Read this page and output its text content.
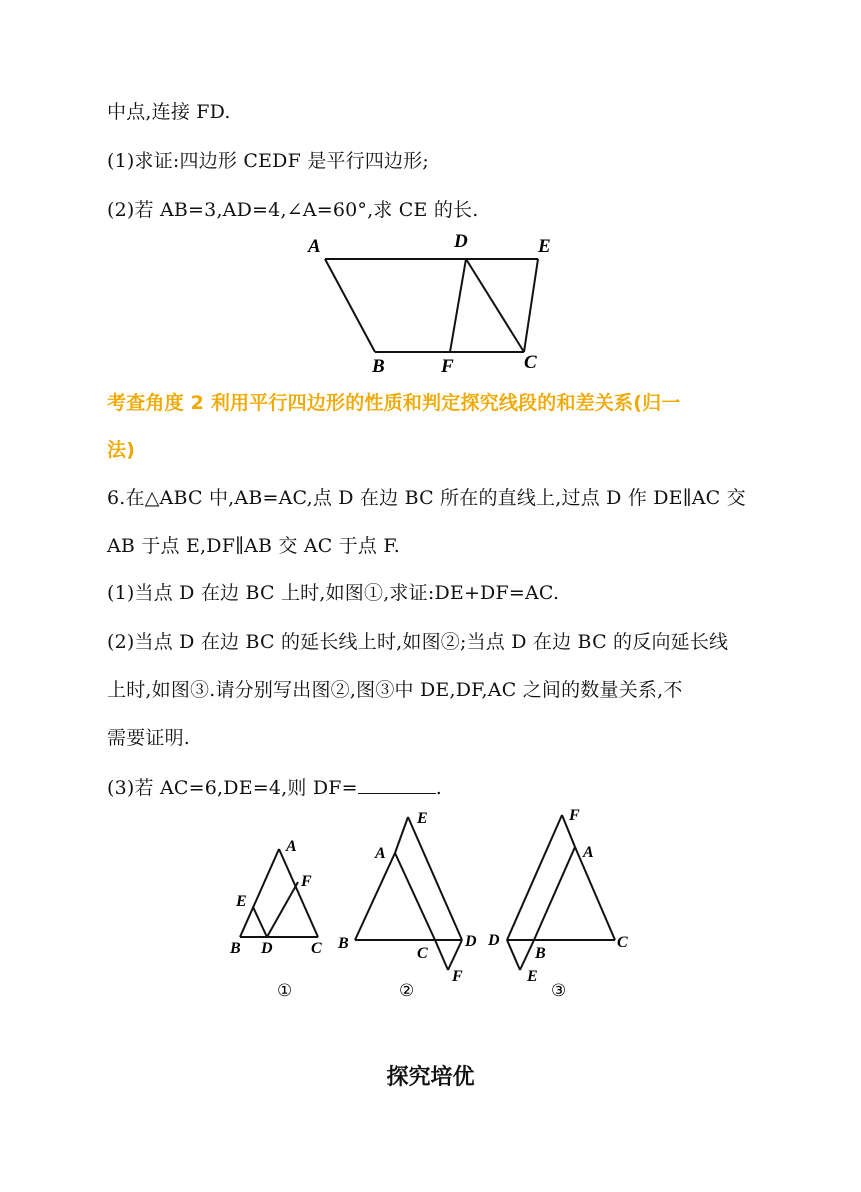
中点,连接 FD.
(1)求证:四边形 CEDF 是平行四边形;
(2)若 AB=3,AD=4,∠A=60°,求 CE 的长.
A	D	E
B	F	C
考查角度 2 利用平行四边形的性质和判定探究线段的和差关系(归一
法)
6.在△ABC 中,AB=AC,点 D 在边 BC 所在的直线上,过点 D 作 DE∥AC 交
AB 于点 E,DF∥AB 交 AC 于点 F.
(1)当点 D 在边 BC 上时,如图①,求证:DE+DF=AC.
(2)当点 D 在边 BC 的延长线上时,如图②;当点 D 在边 BC 的反向延长线
上时,如图③.请分别写出图②,图③中 DE,DF,AC 之间的数量关系,不
需要证明.
(3)若 AC=6,DE=4,则 DF=	.
A
E
F
B D C
①
E
A
B
C
D
F
②
F
A
D
B
C
E
③
探究培优
